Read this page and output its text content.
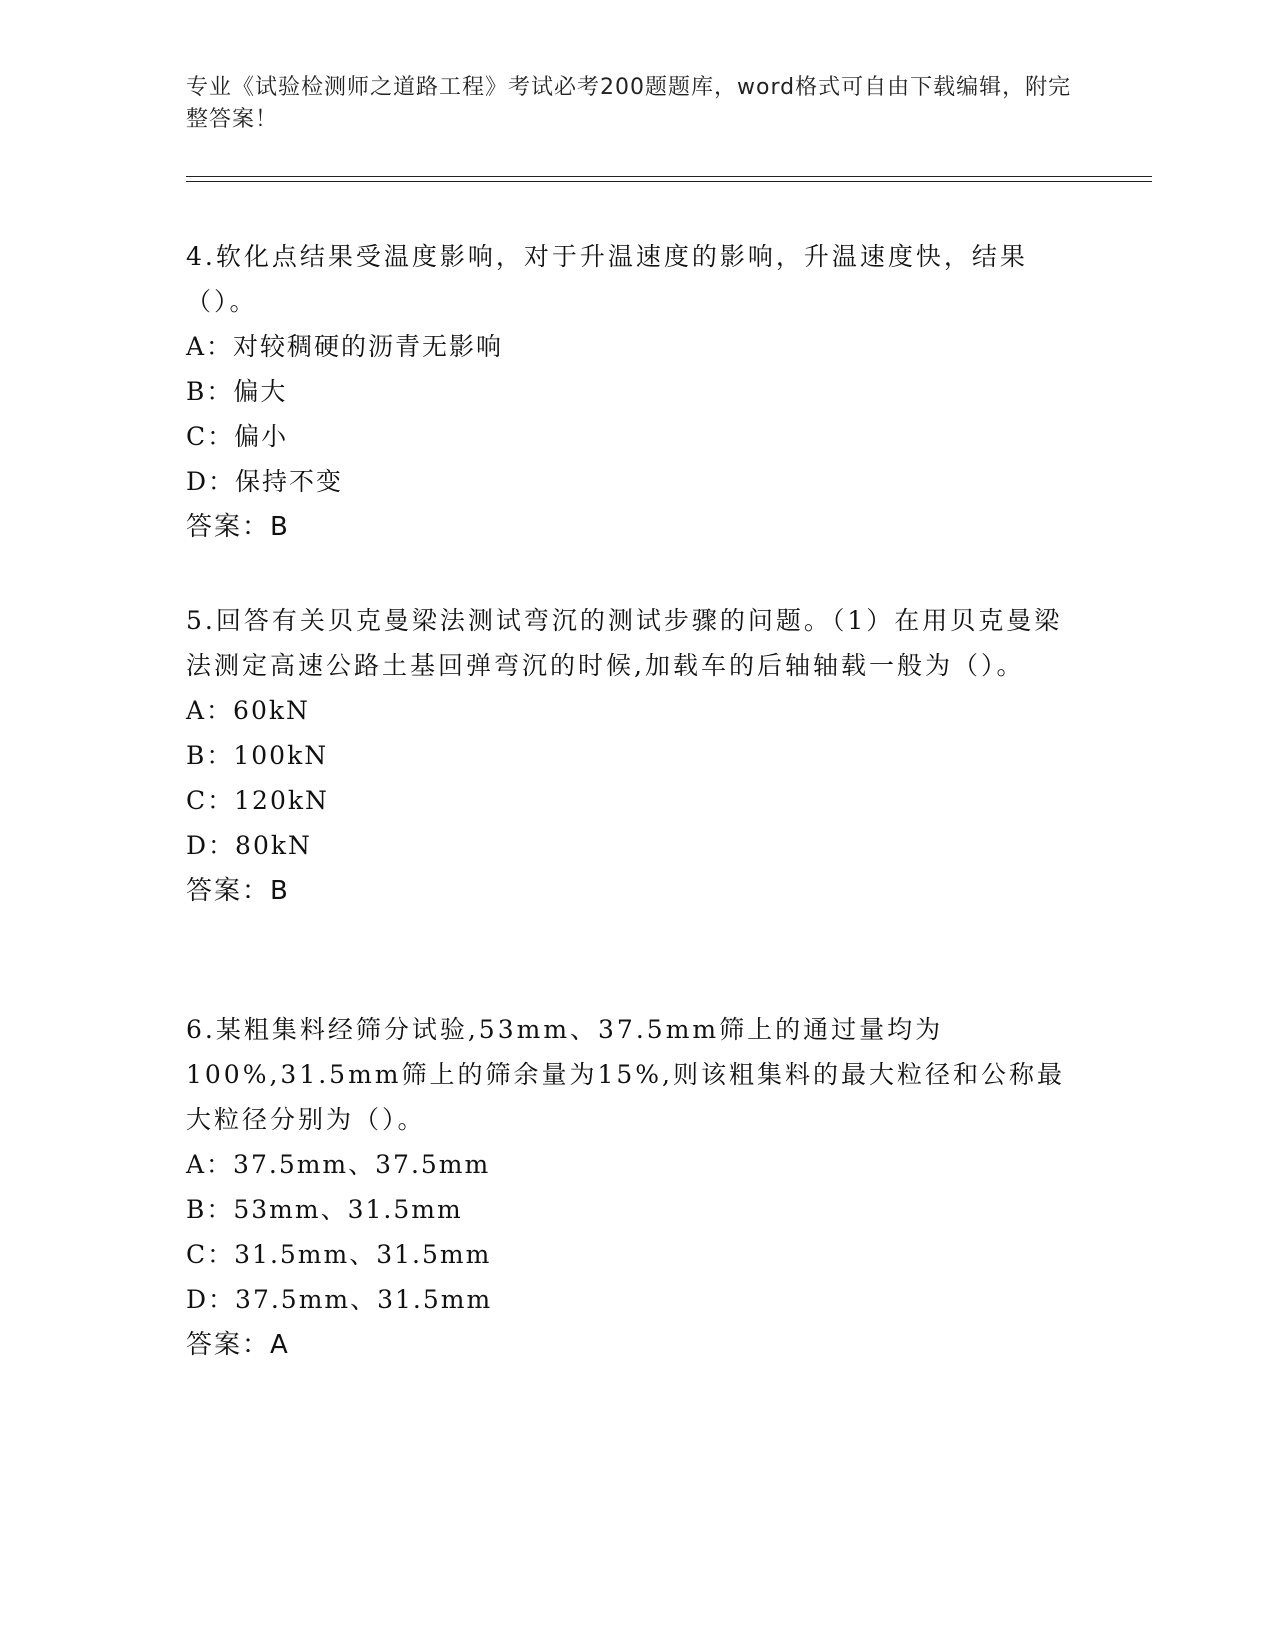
专业《试验检测师之道路工程》考试必考200题题库，word格式可自由下载编辑，附完整答案！

4.软化点结果受温度影响，对于升温速度的影响，升温速度快，结果（）。

A：对较稠硬的沥青无影响
B：偏大
C：偏小
D：保持不变
答案：B

5.回答有关贝克曼梁法测试弯沉的测试步骤的问题。（1）在用贝克曼梁法测定高速公路土基回弹弯沉的时候,加载车的后轴轴载一般为（）。

A：60kN
B：100kN
C：120kN
D：80kN
答案：B

6.某粗集料经筛分试验,53mm、37.5mm筛上的通过量均为100%,31.5mm筛上的筛余量为15%,则该粗集料的最大粒径和公称最大粒径分别为（）。

A：37.5mm、37.5mm
B：53mm、31.5mm
C：31.5mm、31.5mm
D：37.5mm、31.5mm
答案：A
